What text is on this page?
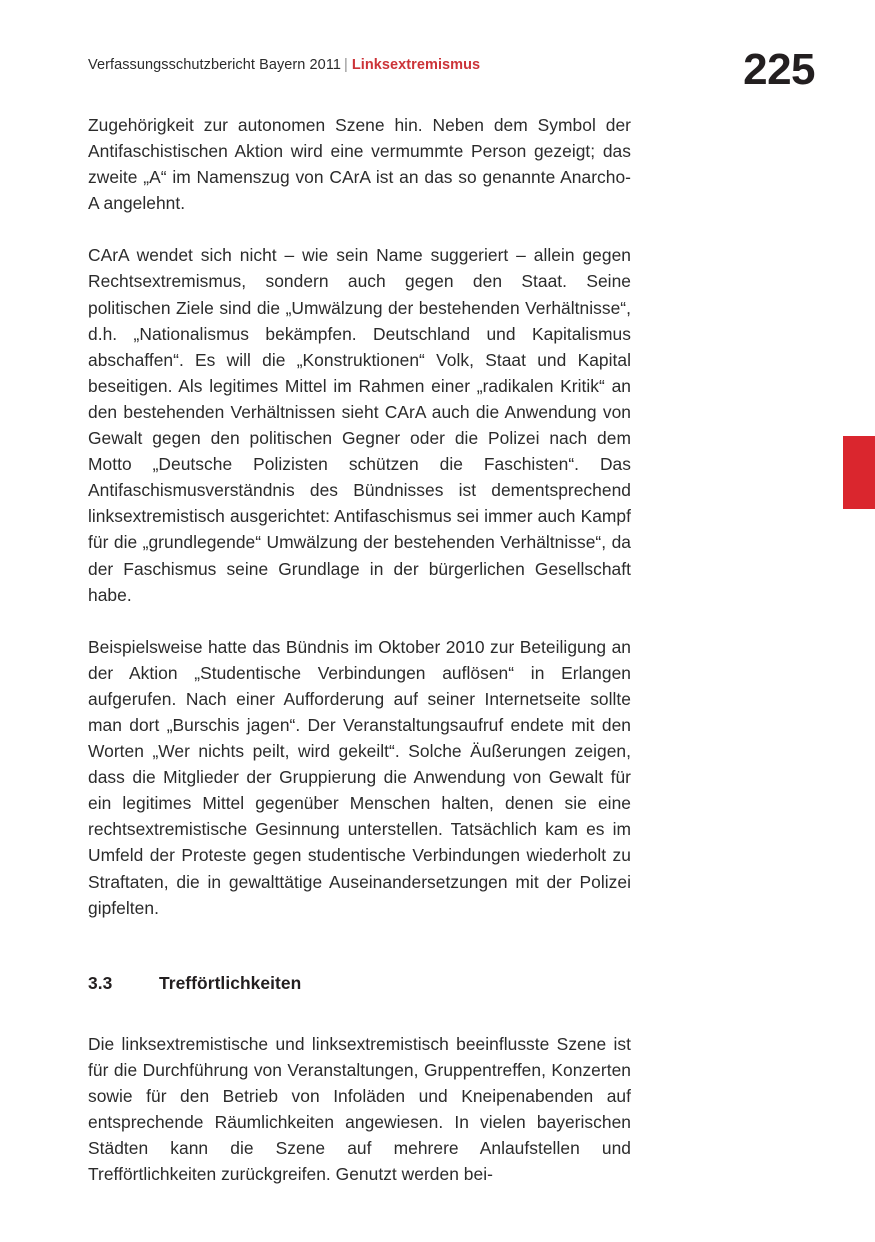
Verfassungsschutzbericht Bayern 2011 | Linksextremismus	225

Zugehörigkeit zur autonomen Szene hin. Neben dem Symbol der Antifaschistischen Aktion wird eine vermummte Person gezeigt; das zweite „A“ im Namenszug von CArA ist an das so genannte Anarcho-A angelehnt.

CArA wendet sich nicht – wie sein Name suggeriert – allein gegen Rechtsextremismus, sondern auch gegen den Staat. Seine politischen Ziele sind die „Umwälzung der bestehenden Verhältnisse“, d.h. „Nationalismus bekämpfen. Deutschland und Kapitalismus abschaffen“. Es will die „Konstruktionen“ Volk, Staat und Kapital beseitigen. Als legitimes Mittel im Rahmen einer „radikalen Kritik“ an den bestehenden Verhältnissen sieht CArA auch die Anwendung von Gewalt gegen den politischen Gegner oder die Polizei nach dem Motto „Deutsche Polizisten schützen die Faschisten“. Das Antifaschismusverständnis des Bündnisses ist dementsprechend linksextremistisch ausgerichtet: Antifaschismus sei immer auch Kampf für die „grundlegende“ Umwälzung der bestehenden Verhältnisse“, da der Faschismus seine Grundlage in der bürgerlichen Gesellschaft habe.

Beispielsweise hatte das Bündnis im Oktober 2010 zur Beteiligung an der Aktion „Studentische Verbindungen auflösen“ in Erlangen aufgerufen. Nach einer Aufforderung auf seiner Internetseite sollte man dort „Burschis jagen“. Der Veranstaltungsaufruf endete mit den Worten „Wer nichts peilt, wird gekeilt“. Solche Äußerungen zeigen, dass die Mitglieder der Gruppierung die Anwendung von Gewalt für ein legitimes Mittel gegenüber Menschen halten, denen sie eine rechtsextremistische Gesinnung unterstellen. Tatsächlich kam es im Umfeld der Proteste gegen studentische Verbindungen wiederholt zu Straftaten, die in gewalttätige Auseinandersetzungen mit der Polizei gipfelten.

3.3	Trefförtlichkeiten

Die linksextremistische und linksextremistisch beeinflusste Szene ist für die Durchführung von Veranstaltungen, Gruppentreffen, Konzerten sowie für den Betrieb von Infoläden und Kneipenabenden auf entsprechende Räumlichkeiten angewiesen. In vielen bayerischen Städten kann die Szene auf mehrere Anlaufstellen und Trefförtlichkeiten zurückgreifen. Genutzt werden bei-
